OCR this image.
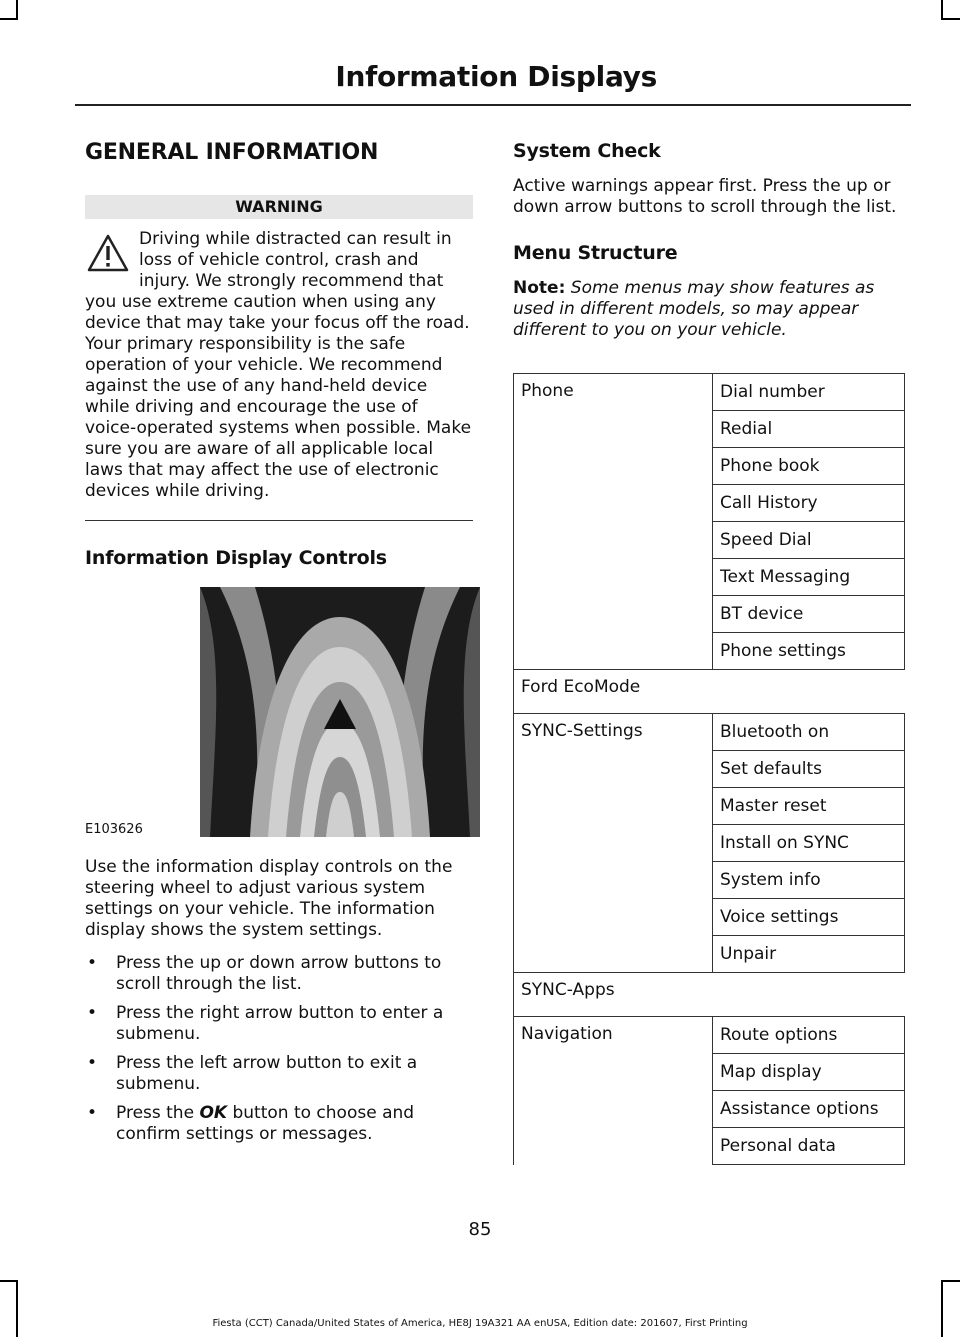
Information Displays
GENERAL INFORMATION
WARNING
Driving while distracted can result in loss of vehicle control, crash and injury. We strongly recommend that you use extreme caution when using any device that may take your focus off the road. Your primary responsibility is the safe operation of your vehicle. We recommend against the use of any hand-held device while driving and encourage the use of voice-operated systems when possible. Make sure you are aware of all applicable local laws that may affect the use of electronic devices while driving.
Information Display Controls
E103626

Use the information display controls on the steering wheel to adjust various system settings on your vehicle. The information display shows the system settings.

• Press the up or down arrow buttons to scroll through the list.
• Press the right arrow button to enter a submenu.
• Press the left arrow button to exit a submenu.
• Press the OK button to choose and confirm settings or messages.
System Check

Active warnings appear first. Press the up or down arrow buttons to scroll through the list.

Menu Structure

Note: Some menus may show features as used in different models, so may appear different to you on your vehicle.

Phone	Dial number
	Redial
	Phone book
	Call History
	Speed Dial
	Text Messaging
	BT device
	Phone settings
Ford EcoMode	
SYNC-Settings	Bluetooth on
	Set defaults
	Master reset
	Install on SYNC
	System info
	Voice settings
	Unpair
SYNC-Apps	
Navigation	Route options
	Map display
	Assistance options
	Personal data
85
Fiesta (CCT) Canada/United States of America, HE8J 19A321 AA enUSA, Edition date: 201607, First Printing
